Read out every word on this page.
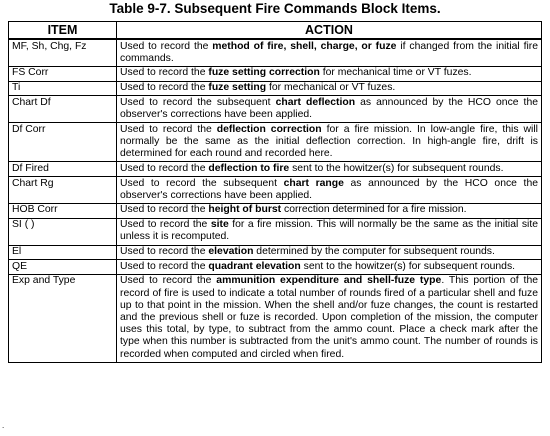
Table 9-7. Subsequent Fire Commands Block Items.
ITEM	ACTION
MF, Sh, Chg, Fz	Used to record the method of fire, shell, charge, or fuze if changed from the initial fire commands.
FS Corr	Used to record the fuze setting correction for mechanical time or VT fuzes.
Ti	Used to record the fuze setting for mechanical or VT fuzes.
Chart Df	Used to record the subsequent chart deflection as announced by the HCO once the observer's corrections have been applied.
Df Corr	Used to record the deflection correction for a fire mission. In low-angle fire, this will normally be the same as the initial deflection correction. In high-angle fire, drift is determined for each round and recorded here.
Df Fired	Used to record the deflection to fire sent to the howitzer(s) for subsequent rounds.
Chart Rg	Used to record the subsequent chart range as announced by the HCO once the observer's corrections have been applied.
HOB Corr	Used to record the height of burst correction determined for a fire mission.
SI ( )	Used to record the site for a fire mission. This will normally be the same as the initial site unless it is recomputed.
El	Used to record the elevation determined by the computer for subsequent rounds.
QE	Used to record the quadrant elevation sent to the howitzer(s) for subsequent rounds.
Exp and Type	Used to record the ammunition expenditure and shell-fuze type. This portion of the record of fire is used to indicate a total number of rounds fired of a particular shell and fuze up to that point in the mission. When the shell and/or fuze changes, the count is restarted and the previous shell or fuze is recorded. Upon completion of the mission, the computer uses this total, by type, to subtract from the ammo count. Place a check mark after the type when this number is subtracted from the unit's ammo count. The number of rounds is recorded when computed and circled when fired.
.
